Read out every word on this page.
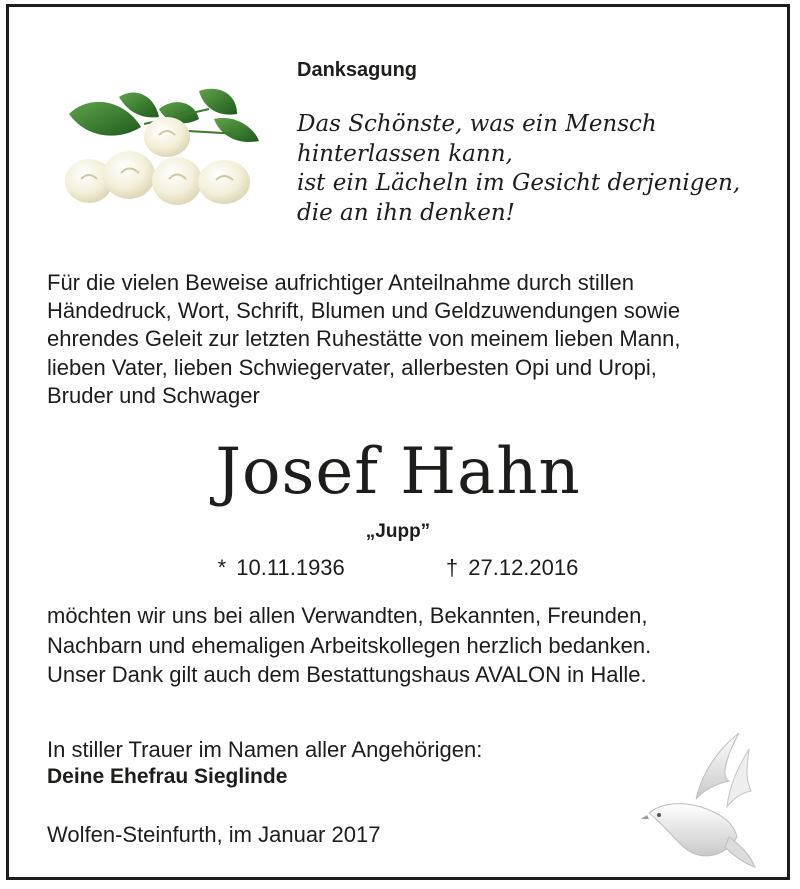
Danksagung
Das Schönste, was ein Mensch
hinterlassen kann,
ist ein Lächeln im Gesicht derjenigen,
die an ihn denken!
Für die vielen Beweise aufrichtiger Anteilnahme durch stillen
Händedruck, Wort, Schrift, Blumen und Geldzuwendungen sowie
ehrendes Geleit zur letzten Ruhestätte von meinem lieben Mann,
lieben Vater, lieben Schwiegervater, allerbesten Opi und Uropi,
Bruder und Schwager
Josef Hahn
„Jupp”
* 10.11.1936	† 27.12.2016
möchten wir uns bei allen Verwandten, Bekannten, Freunden,
Nachbarn und ehemaligen Arbeitskollegen herzlich bedanken.
Unser Dank gilt auch dem Bestattungshaus AVALON in Halle.
In stiller Trauer im Namen aller Angehörigen:
Deine Ehefrau Sieglinde
Wolfen-Steinfurth, im Januar 2017
